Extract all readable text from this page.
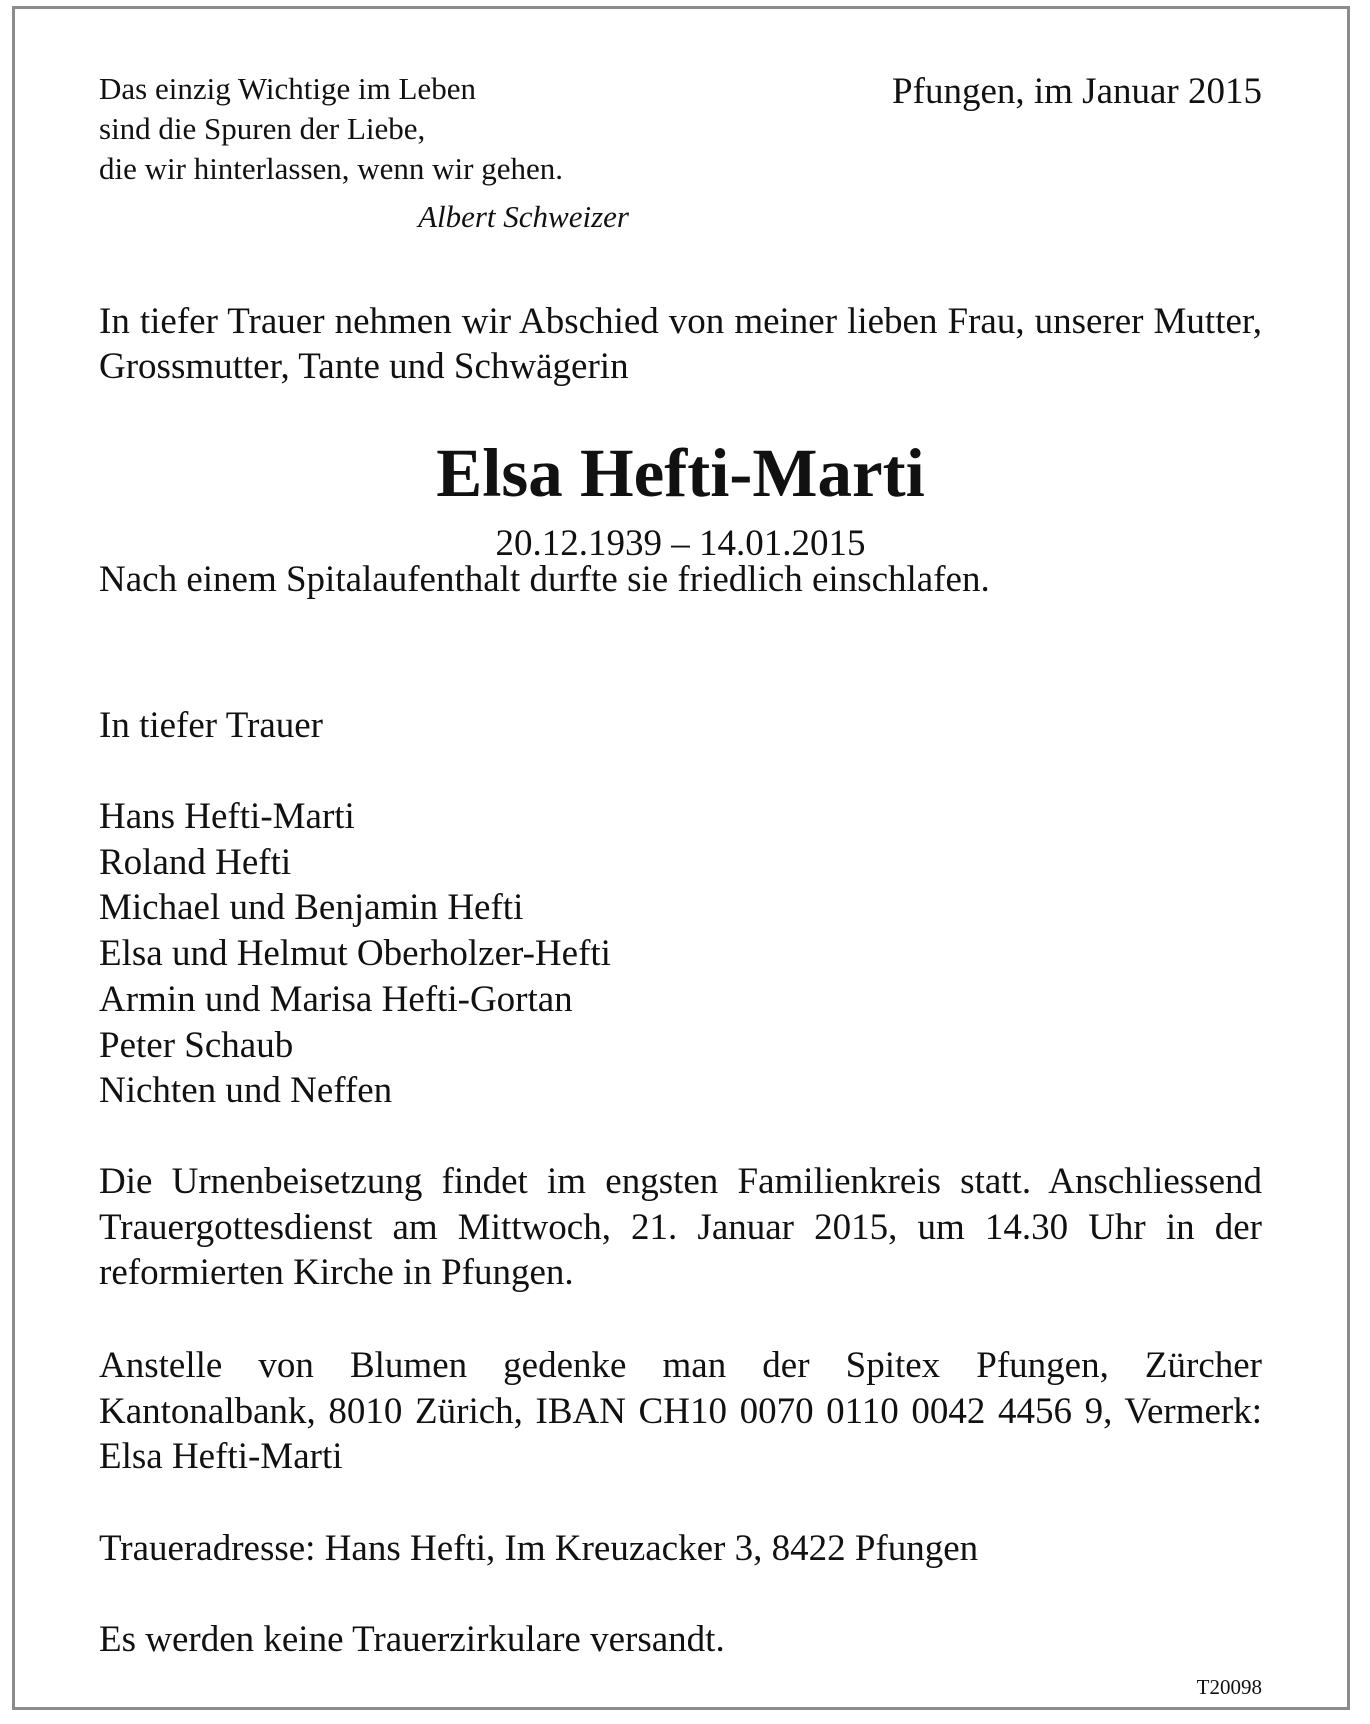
Das einzig Wichtige im Leben
sind die Spuren der Liebe,
die wir hinterlassen, wenn wir gehen.
Albert Schweizer
Pfungen, im Januar 2015
In tiefer Trauer nehmen wir Abschied von meiner lieben Frau, unserer Mutter, Grossmutter, Tante und Schwägerin
Elsa Hefti-Marti
20.12.1939 – 14.01.2015
Nach einem Spitalaufenthalt durfte sie friedlich einschlafen.
In tiefer Trauer
Hans Hefti-Marti
Roland Hefti
Michael und Benjamin Hefti
Elsa und Helmut Oberholzer-Hefti
Armin und Marisa Hefti-Gortan
Peter Schaub
Nichten und Neffen
Die Urnenbeisetzung findet im engsten Familienkreis statt. Anschliessend Trauergottesdienst am Mittwoch, 21. Januar 2015, um 14.30 Uhr in der reformierten Kirche in Pfungen.
Anstelle von Blumen gedenke man der Spitex Pfungen, Zürcher Kantonalbank, 8010 Zürich, IBAN CH10 0070 0110 0042 4456 9, Vermerk: Elsa Hefti-Marti
Traueradresse: Hans Hefti, Im Kreuzacker 3, 8422 Pfungen
Es werden keine Trauerzirkulare versandt.
T20098
